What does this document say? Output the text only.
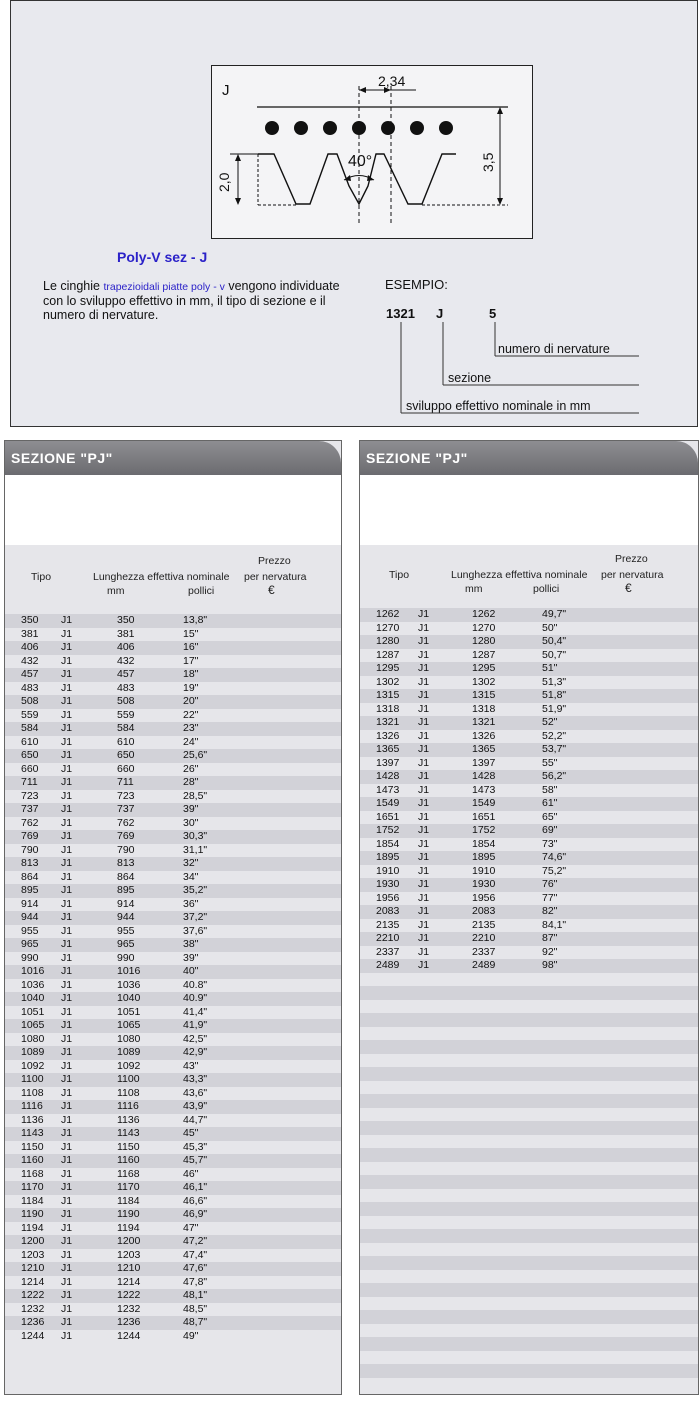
J
2,34
40°	3,5
2,0
Poly-V sez - J
Le cinghie trapezioidali piatte poly - v vengono individuate con lo sviluppo effettivo in mm, il tipo di sezione e il numero di nervature.
ESEMPIO:
1321 J	5
numero di nervature
sezione
sviluppo effettivo nominale in mm
SEZIONE "PJ"
Prezzo
Tipo	Lunghezza effettiva nominale per nervatura
mm	pollici	€
350 J1	350	13,8"
381 J1	381	15"
406 J1	406	16"
432 J1	432	17"
457 J1	457	18"
483 J1	483	19"
508 J1	508	20"
559 J1	559	22"
584 J1	584	23"
610 J1	610	24"
650 J1	650	25,6"
660 J1	660	26"
711 J1	711	28"
723 J1	723	28,5"
737 J1	737	39"
762 J1	762	30"
769 J1	769	30,3"
790 J1	790	31,1"
813 J1	813	32"
864 J1	864	34"
895 J1	895	35,2"
914 J1	914	36"
944 J1	944	37,2"
955 J1	955	37,6"
965 J1	965	38"
990 J1	990	39"
1016 J1	1016	40"
1036 J1	1036	40.8"
1040 J1	1040	40.9"
1051 J1	1051	41,4"
1065 J1	1065	41,9"
1080 J1	1080	42,5"
1089 J1	1089	42,9"
1092 J1	1092	43"
1100 J1	1100	43,3"
1108 J1	1108	43,6"
1116 J1	1116	43,9"
1136 J1	1136	44,7"
1143 J1	1143	45"
1150 J1	1150	45,3"
1160 J1	1160	45,7"
1168 J1	1168	46"
1170 J1	1170	46,1"
1184 J1	1184	46,6"
1190 J1	1190	46,9"
1194 J1	1194	47"
1200 J1	1200	47,2"
1203 J1	1203	47,4"
1210 J1	1210	47,6"
1214 J1	1214	47,8"
1222 J1	1222	48,1"
1232 J1	1232	48,5"
1236 J1	1236	48,7"
1244 J1	1244	49"
SEZIONE "PJ"
Prezzo
Tipo	Lunghezza effettiva nominale per nervatura
mm	pollici	€
1262 J1	1262	49,7"
1270 J1	1270	50"
1280 J1	1280	50,4"
1287 J1	1287	50,7"
1295 J1	1295	51"
1302 J1	1302	51,3"
1315 J1	1315	51,8"
1318 J1	1318	51,9"
1321 J1	1321	52"
1326 J1	1326	52,2"
1365 J1	1365	53,7"
1397 J1	1397	55"
1428 J1	1428	56,2"
1473 J1	1473	58"
1549 J1	1549	61"
1651 J1	1651	65"
1752 J1	1752	69"
1854 J1	1854	73"
1895 J1	1895	74,6"
1910 J1	1910	75,2"
1930 J1	1930	76"
1956 J1	1956	77"
2083 J1	2083	82"
2135 J1	2135	84,1"
2210 J1	2210	87"
2337 J1	2337	92"
2489 J1	2489	98"
